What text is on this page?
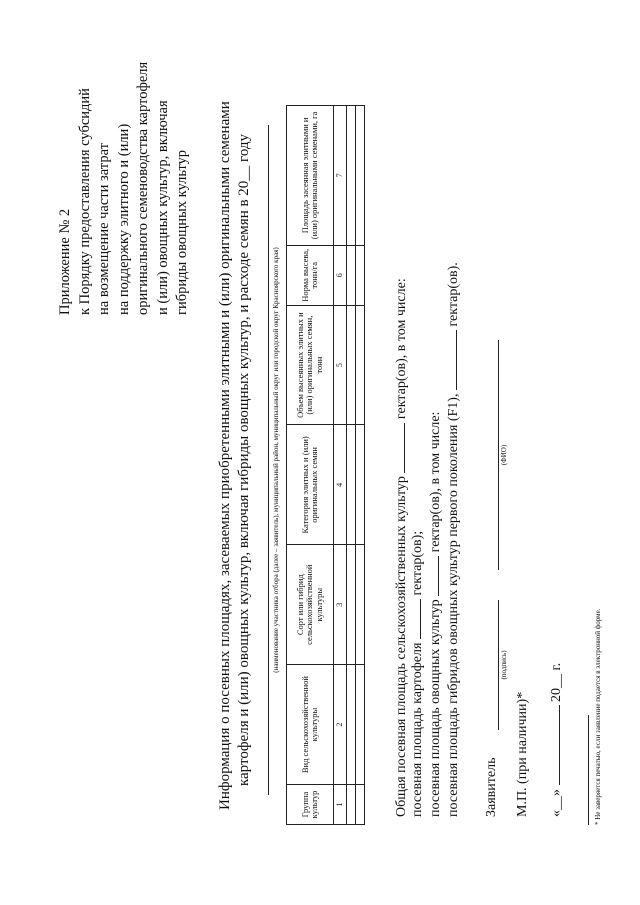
Приложение № 2 к Порядку предоставления субсидий на возмещение части затрат на поддержку элитного и (или) оригинального семеноводства картофеля и (или) овощных культур, включая гибриды овощных культур Информация о посевных площадях, засеваемых приобретенными элитными и (или) оригинальными семенами картофеля и (или) овощных культур, включая гибриды овощных культур, и расходе семян в 20__ году	(наименование участника отбора (далее – заявитель), муниципальный район, муниципальный округ или городской округ Красноярского края)
Группа культур	Вид сельскохозяйственной культуры	Сорт или гибрид сельскохозяйственной культуры	Категория элитных и (или) оригинальных семян	Объем высеянных элитных и (или) оригинальных семян, тонн	Норма высева, тонн/га	Площадь засеянная элитными и (или) оригинальными семенами, га
1	2	3	4	5	6	7

Общая посевная площадь сельскохозяйственных культур  гектар(ов), в том числе:
посевная площадь картофеля  гектар(ов);
посевная площадь овощных культур  гектар(ов), в том числе: посевная площадь гибридов овощных культур первого поколения (F1),  гектар(ов).
Заявитель
(подпись)
(ФИО)
М.П. (при наличии)* «__»  20__ г.	* Не заверяется печатью, если заявление подается в электронной форме.
